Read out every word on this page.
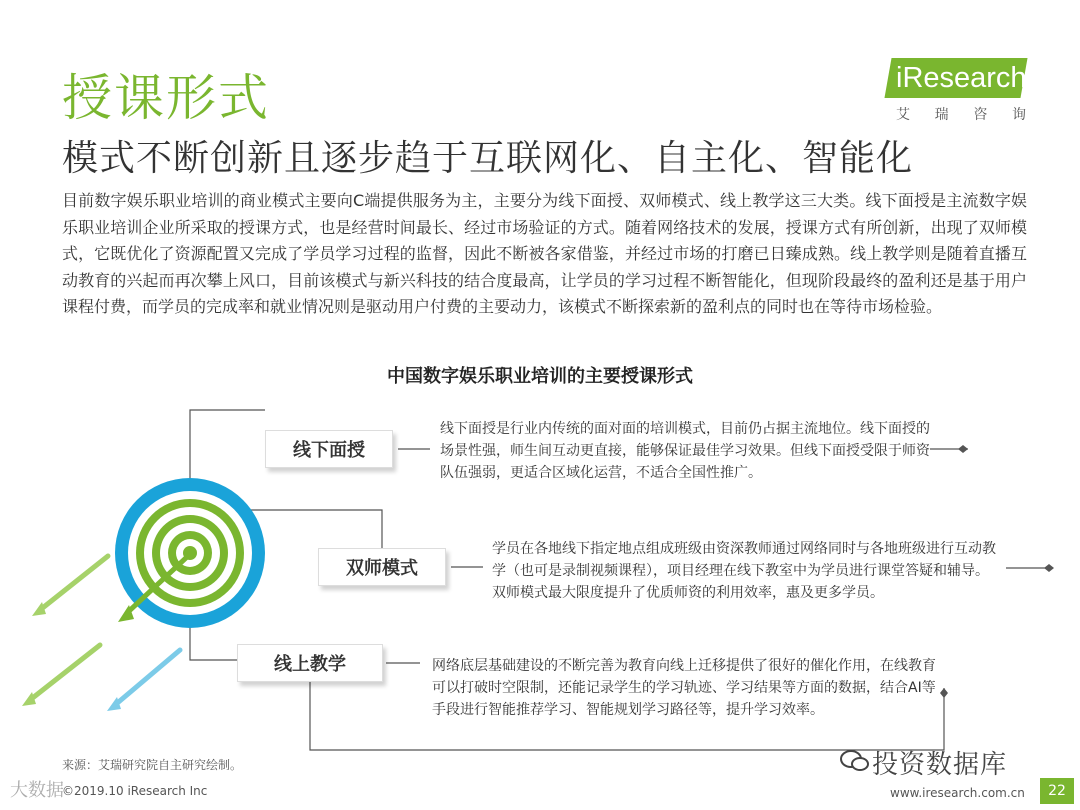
授课形式
模式不断创新且逐步趋于互联网化、自主化、智能化
iResearch
艾 瑞 咨 询

目前数字娱乐职业培训的商业模式主要向C端提供服务为主，主要分为线下面授、双师模式、线上教学这三大类。线下面授是主流数字娱乐职业培训企业所采取的授课方式，也是经营时间最长、经过市场验证的方式。随着网络技术的发展，授课方式有所创新，出现了双师模式，它既优化了资源配置又完成了学员学习过程的监督，因此不断被各家借鉴，并经过市场的打磨已日臻成熟。线上教学则是随着直播互动教育的兴起而再次攀上风口，目前该模式与新兴科技的结合度最高，让学员的学习过程不断智能化，但现阶段最终的盈利还是基于用户课程付费，而学员的完成率和就业情况则是驱动用户付费的主要动力，该模式不断探索新的盈利点的同时也在等待市场检验。

中国数字娱乐职业培训的主要授课形式
线下面授
双师模式
线上教学

线下面授是行业内传统的面对面的培训模式，目前仍占据主流地位。线下面授的场景性强，师生间互动更直接，能够保证最佳学习效果。但线下面授受限于师资队伍强弱，更适合区域化运营，不适合全国性推广。

学员在各地线下指定地点组成班级由资深教师通过网络同时与各地班级进行互动教学（也可是录制视频课程），项目经理在线下教室中为学员进行课堂答疑和辅导。双师模式最大限度提升了优质师资的利用效率，惠及更多学员。

网络底层基础建设的不断完善为教育向线上迁移提供了很好的催化作用，在线教育可以打破时空限制，还能记录学生的学习轨迹、学习结果等方面的数据，结合AI等手段进行智能推荐学习、智能规划学习路径等，提升学习效率。

来源：艾瑞研究院自主研究绘制。
©2019.10 iResearch Inc
大数据
投资数据库
www.iresearch.com.cn	22
